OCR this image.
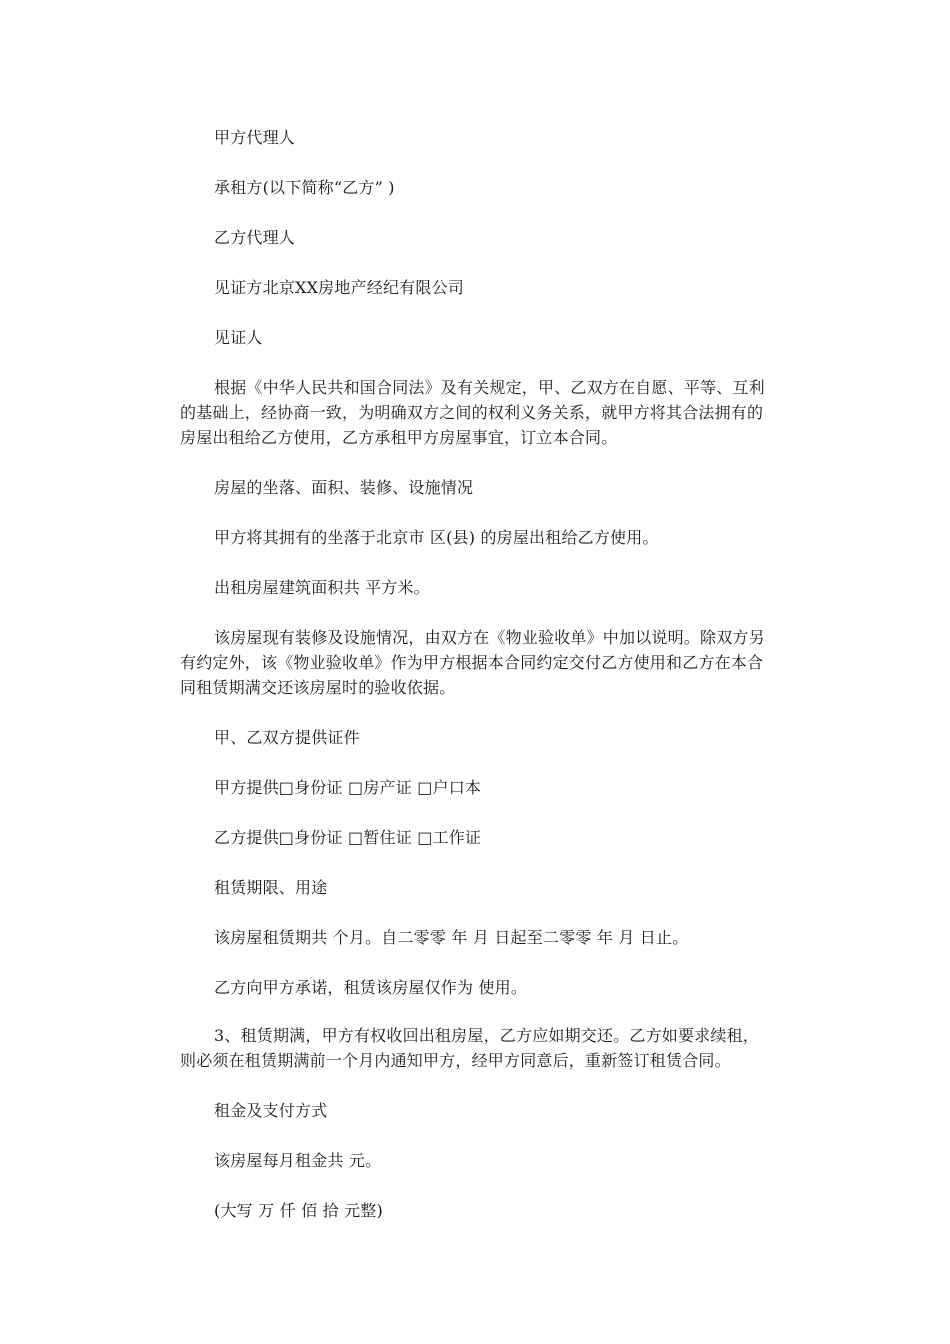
甲方代理人

承租方(以下简称“乙方” )

乙方代理人

见证方北京XX房地产经纪有限公司

见证人

根据《中华人民共和国合同法》及有关规定，甲、乙双方在自愿、平等、互利的基础上，经协商一致，为明确双方之间的权利义务关系，就甲方将其合法拥有的房屋出租给乙方使用，乙方承租甲方房屋事宜，订立本合同。

房屋的坐落、面积、装修、设施情况

甲方将其拥有的坐落于北京市 区(县) 的房屋出租给乙方使用。

出租房屋建筑面积共 平方米。

该房屋现有装修及设施情况，由双方在《物业验收单》中加以说明。除双方另有约定外，该《物业验收单》作为甲方根据本合同约定交付乙方使用和乙方在本合同租赁期满交还该房屋时的验收依据。

甲、乙双方提供证件

甲方提供□身份证 □房产证 □户口本

乙方提供□身份证 □暂住证 □工作证

租赁期限、用途

该房屋租赁期共 个月。自二零零 年 月 日起至二零零 年 月 日止。

乙方向甲方承诺，租赁该房屋仅作为 使用。

3、租赁期满，甲方有权收回出租房屋，乙方应如期交还。乙方如要求续租，则必须在租赁期满前一个月内通知甲方，经甲方同意后，重新签订租赁合同。

租金及支付方式

该房屋每月租金共 元。

(大写 万 仟 佰 拾 元整)
